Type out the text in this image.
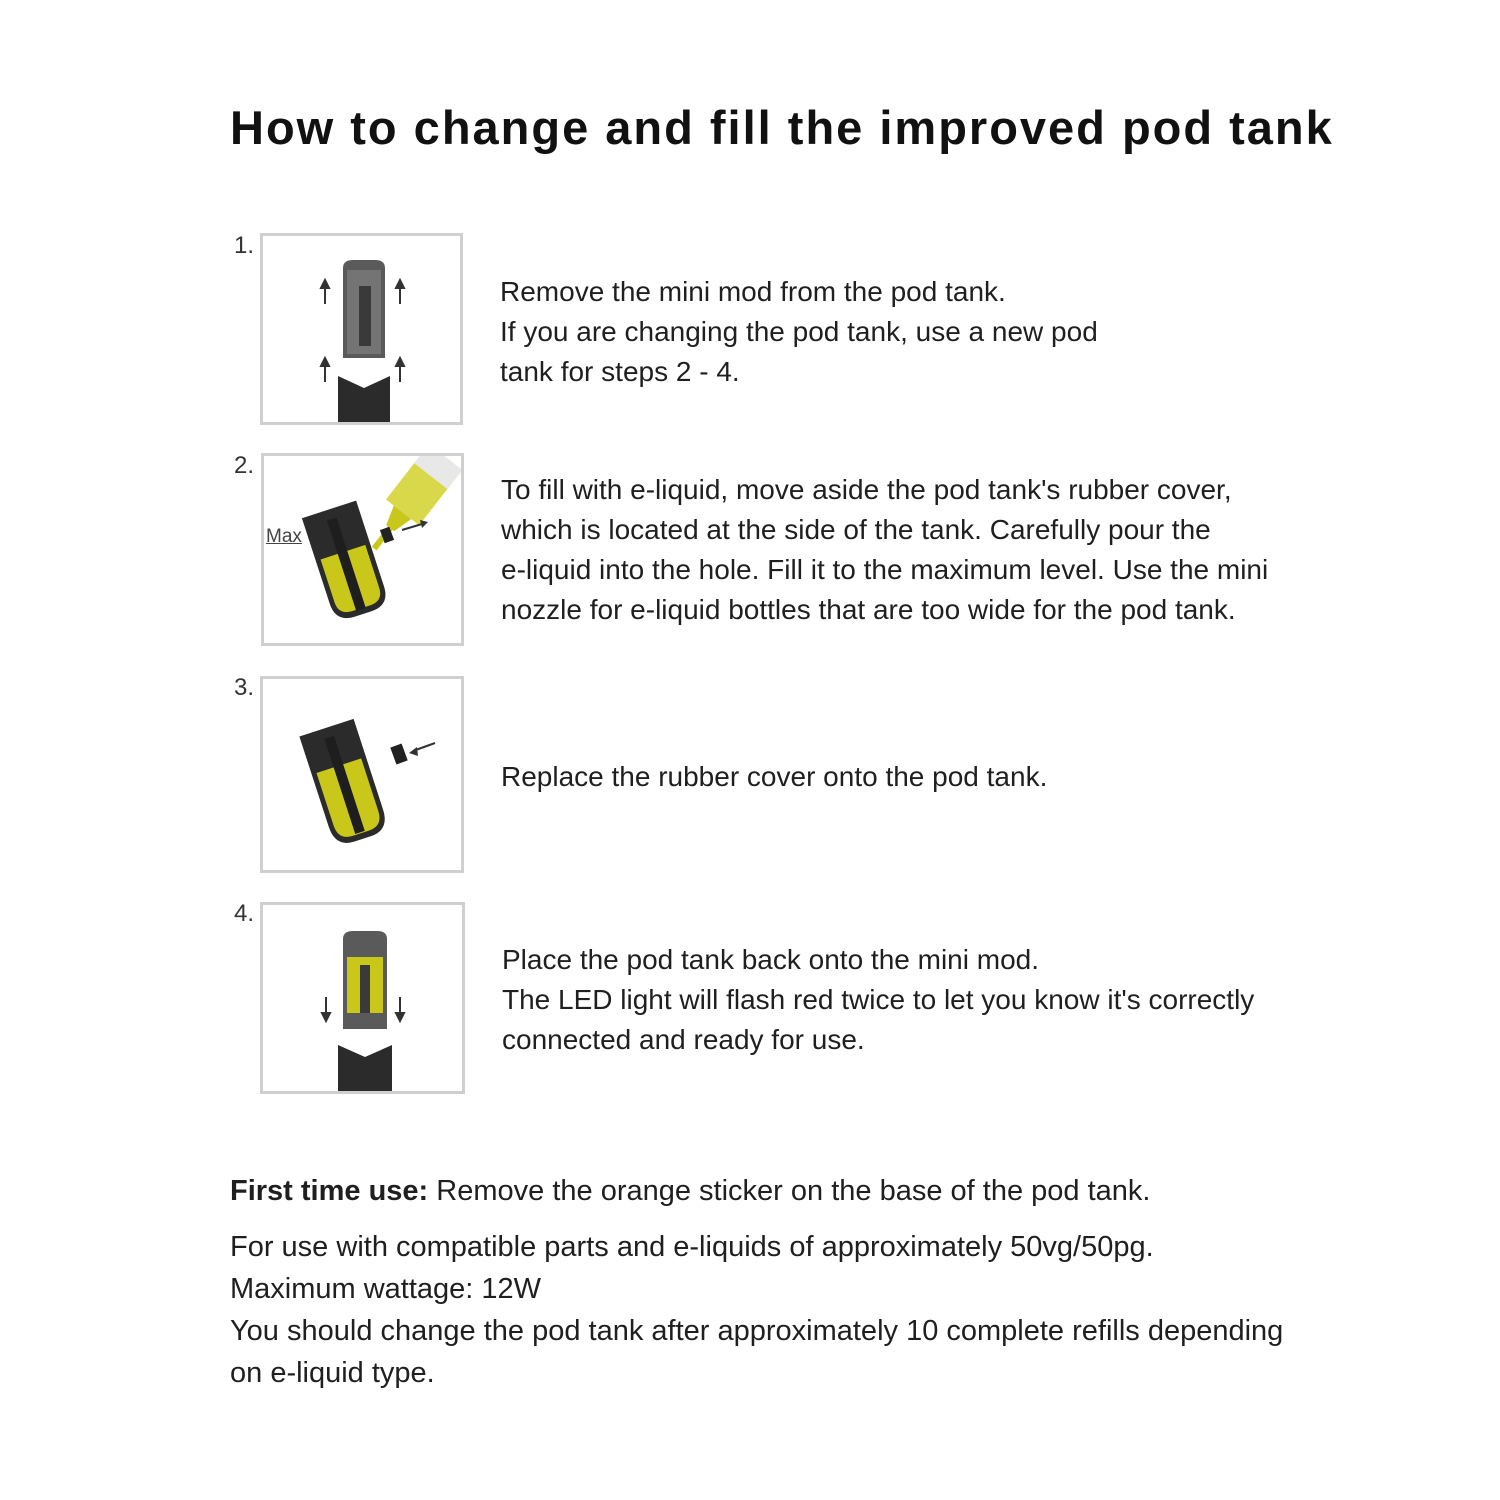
How to change and fill the improved pod tank
1.
Remove the mini mod from the pod tank.
If you are changing the pod tank, use a new pod
tank for steps 2 - 4.
2.
Max
To fill with e-liquid, move aside the pod tank's rubber cover,
which is located at the side of the tank. Carefully pour the
e-liquid into the hole. Fill it to the maximum level. Use the mini
nozzle for e-liquid bottles that are too wide for the pod tank.
3.
Replace the rubber cover onto the pod tank.
4.
Place the pod tank back onto the mini mod.
The LED light will flash red twice to let you know it's correctly
connected and ready for use.
First time use: Remove the orange sticker on the base of the pod tank.
For use with compatible parts and e-liquids of approximately 50vg/50pg.
Maximum wattage: 12W
You should change the pod tank after approximately 10 complete refills depending
on e-liquid type.
